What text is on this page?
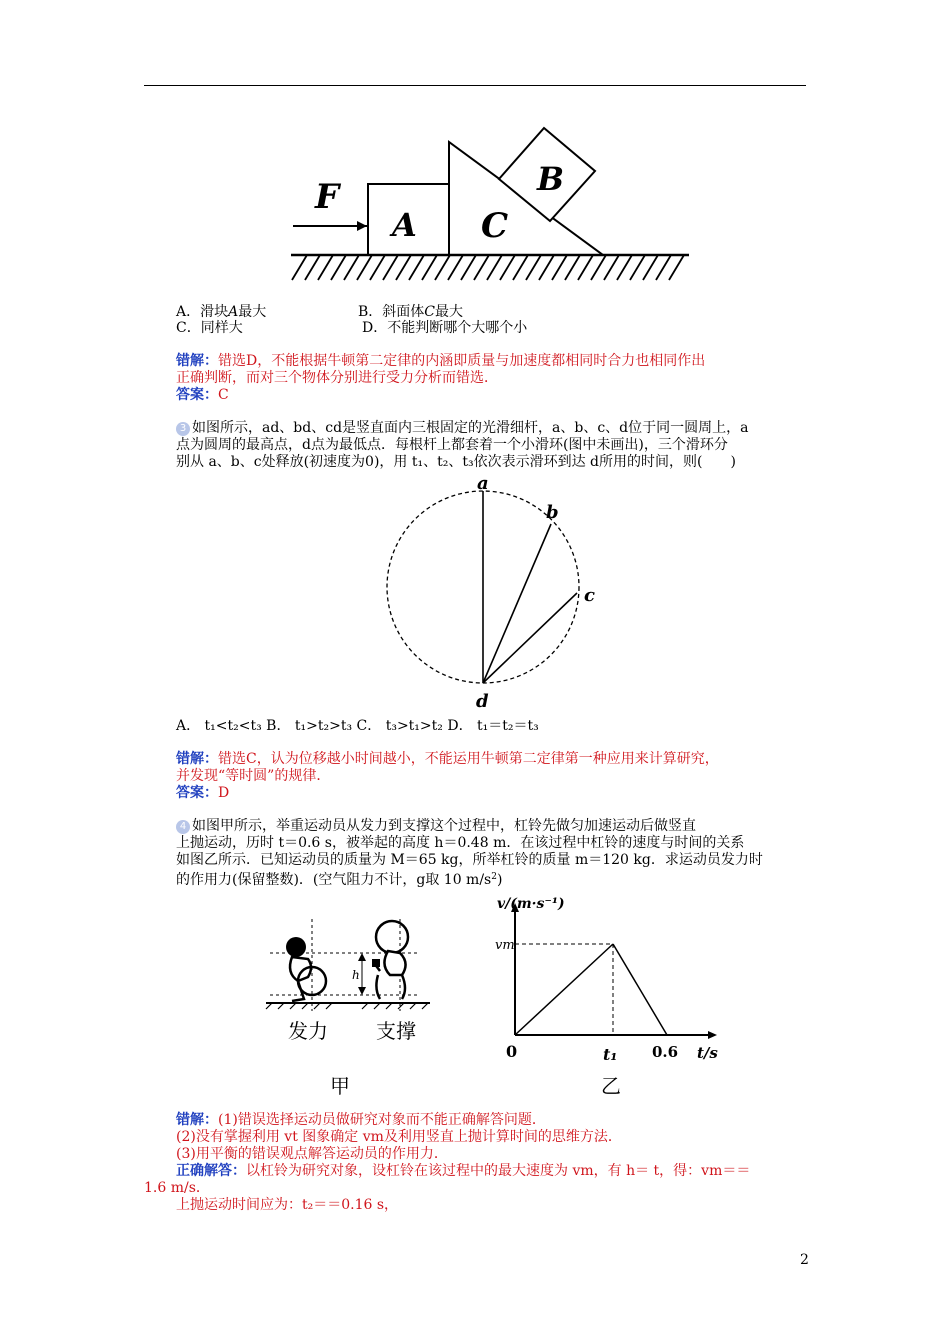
F
A C
B
A．滑块A最大	B．斜面体C最大
C．同样大	D．不能判断哪个大哪个小
错解：错选D，不能根据牛顿第二定律的内涵即质量与加速度都相同时合力也相同作出
正确判断，而对三个物体分别进行受力分析而错选．
答案：C
3 如图所示，ad、bd、cd是竖直面内三根固定的光滑细杆，a、b、c、d位于同一圆周上，a
点为圆周的最高点，d点为最低点．每根杆上都套着一个小滑环(图中未画出)，三个滑环分
别从 a、b、c处释放(初速度为0)，用 t₁、t₂、t₃依次表示滑环到达 d所用的时间，则(　　)
a
b
c
d
A． t₁<t₂<t₃ B． t₁>t₂>t₃ C． t₃>t₁>t₂ D． t₁＝t₂＝t₃
错解：错选C，认为位移越小时间越小，不能运用牛顿第二定律第一种应用来计算研究，
并发现“等时圆”的规律．
答案：D
4 如图甲所示，举重运动员从发力到支撑这个过程中，杠铃先做匀加速运动后做竖直
上抛运动，历时 t＝0.6 s，被举起的高度 h＝0.48 m．在该过程中杠铃的速度与时间的关系
如图乙所示．已知运动员的质量为 M＝65 kg，所举杠铃的质量 m＝120 kg．求运动员发力时
的作用力(保留整数)．(空气阻力不计，g取 10 $m/s^2$)
h
发力 支撑
甲
v/(m·s⁻¹)
vm
0	t₁ 0.6 t/s
乙
错解：(1)错误选择运动员做研究对象而不能正确解答问题．
(2)没有掌握利用 vt 图象确定 vm及利用竖直上抛计算时间的思维方法．
(3)用平衡的错误观点解答运动员的作用力．
正确解答：以杠铃为研究对象，设杠铃在该过程中的最大速度为 vm，有 h＝ t，得：vm＝＝
1.6 m/s．
上抛运动时间应为：t₂＝＝0.16 s，
2
